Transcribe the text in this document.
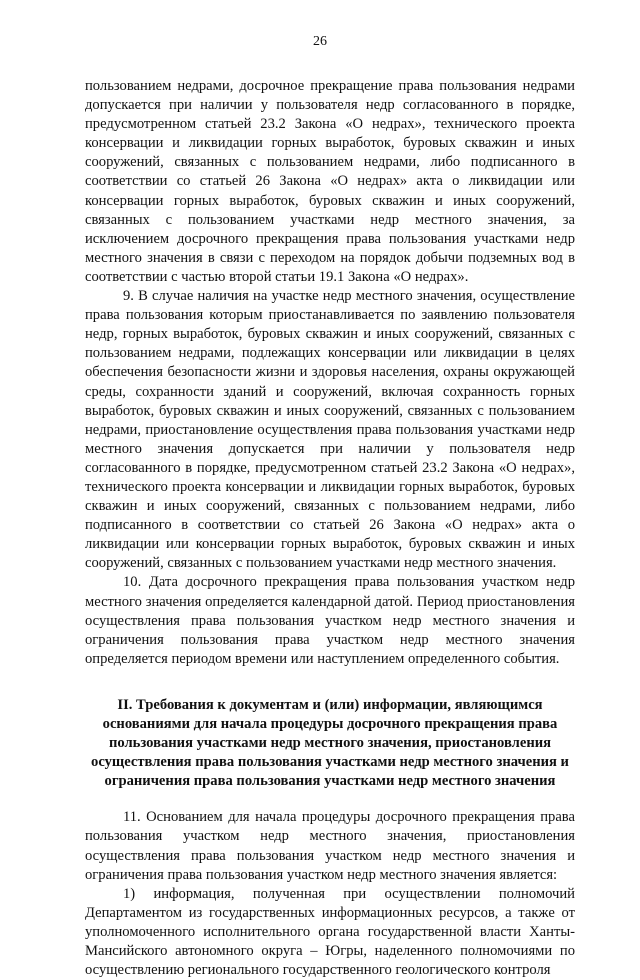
26

пользованием недрами, досрочное прекращение права пользования недрами допускается при наличии у пользователя недр согласованного в порядке, предусмотренном статьей 23.2 Закона «О недрах», технического проекта консервации и ликвидации горных выработок, буровых скважин и иных сооружений, связанных с пользованием недрами, либо подписанного в соответствии со статьей 26 Закона «О недрах» акта о ликвидации или консервации горных выработок, буровых скважин и иных сооружений, связанных с пользованием участками недр местного значения, за исключением досрочного прекращения права пользования участками недр местного значения в связи с переходом на порядок добычи подземных вод в соответствии с частью второй статьи 19.1 Закона «О недрах».

9. В случае наличия на участке недр местного значения, осуществление права пользования которым приостанавливается по заявлению пользователя недр, горных выработок, буровых скважин и иных сооружений, связанных с пользованием недрами, подлежащих консервации или ликвидации в целях обеспечения безопасности жизни и здоровья населения, охраны окружающей среды, сохранности зданий и сооружений, включая сохранность горных выработок, буровых скважин и иных сооружений, связанных с пользованием недрами, приостановление осуществления права пользования участками недр местного значения допускается при наличии у пользователя недр согласованного в порядке, предусмотренном статьей 23.2 Закона «О недрах», технического проекта консервации и ликвидации горных выработок, буровых скважин и иных сооружений, связанных с пользованием недрами, либо подписанного в соответствии со статьей 26 Закона «О недрах» акта о ликвидации или консервации горных выработок, буровых скважин и иных сооружений, связанных с пользованием участками недр местного значения.

10. Дата досрочного прекращения права пользования участком недр местного значения определяется календарной датой. Период приостановления осуществления права пользования участком недр местного значения и ограничения пользования права участком недр местного значения определяется периодом времени или наступлением определенного события.

II. Требования к документам и (или) информации, являющимся
основаниями для начала процедуры досрочного прекращения права
пользования участками недр местного значения, приостановления
осуществления права пользования участками недр местного значения и
ограничения права пользования участками недр местного значения

11. Основанием для начала процедуры досрочного прекращения права пользования участком недр местного значения, приостановления осуществления права пользования участком недр местного значения и ограничения права пользования участком недр местного значения является:

1) информация, полученная при осуществлении полномочий Департаментом из государственных информационных ресурсов, а также от уполномоченного исполнительного органа государственной власти Ханты-Мансийского автономного округа – Югры, наделенного полномочиями по осуществлению регионального государственного геологического контроля
